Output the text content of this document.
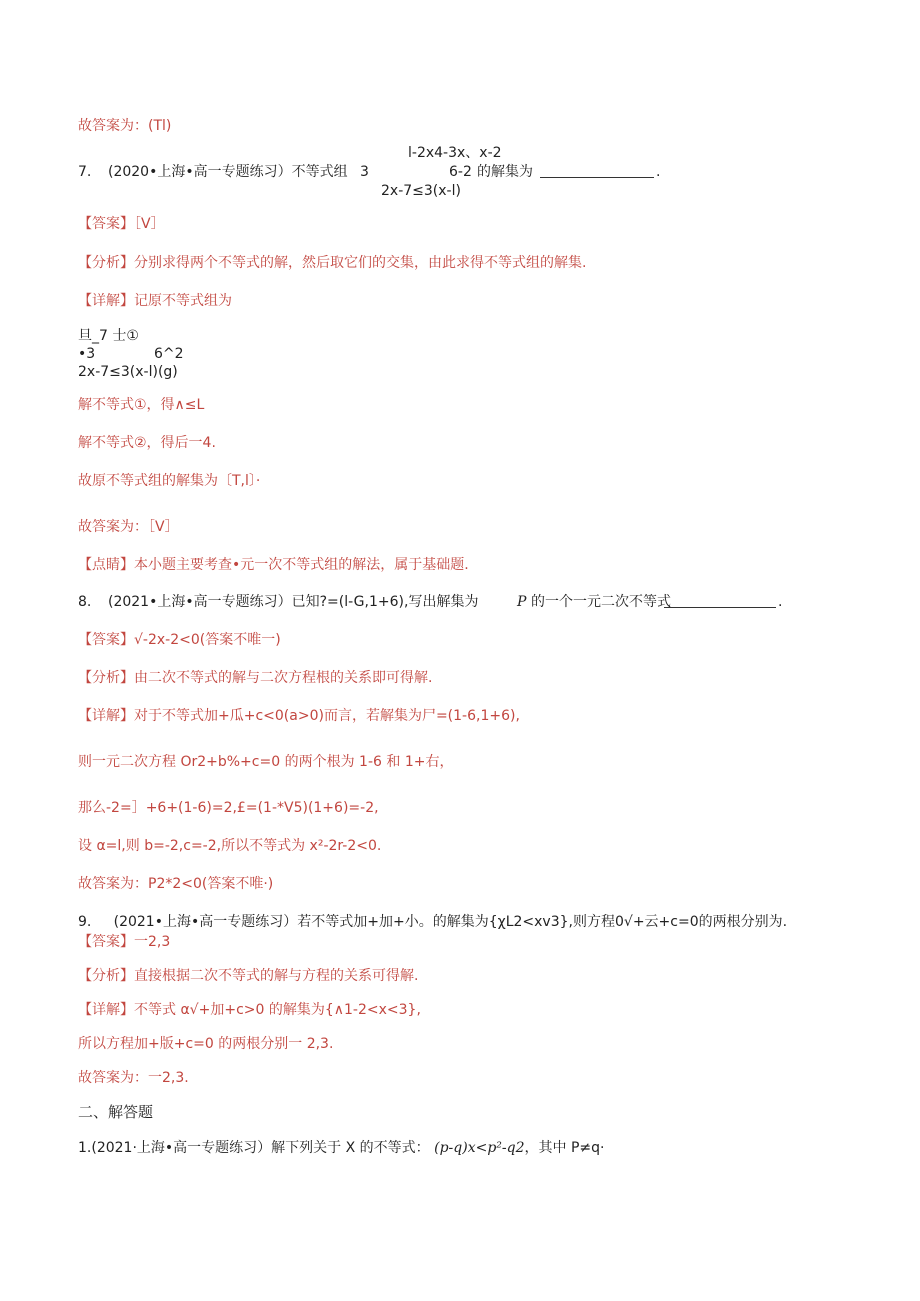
故答案为：(Tl)
l-2x4-3x、x-2
7. (2020•上海•高一专题练习）不等式组 3	6-2 的解集为	.
2x-7≤3(x-l)
【答案】［V］
【分析】分别求得两个不等式的解，然后取它们的交集，由此求得不等式组的解集.
【详解】记原不等式组为
旦_7 士①
•3	6^2
2x-7≤3(x-l)(g)
解不等式①，得∧≤L
解不等式②，得后一4.
故原不等式组的解集为〔T,l〕·
故答案为：［V］
【点睛】本小题主要考查•元一次不等式组的解法，属于基础题.
8. (2021•上海•高一专题练习）已知?=(l-G,1+6),写出解集为	P 的一个一元二次不等式	.
【答案】√-2x-2<0(答案不唯一)
【分析】由二次不等式的解与二次方程根的关系即可得解.
【详解】对于不等式加+瓜+c<0(a>0)而言，若解集为尸=(1-6,1+6),
则一元二次方程 Or2+b%+c=0 的两个根为 1-6 和 1+右，
那么-2=］+6+(1-6)=2,£=(1-*V5)(1+6)=-2,
设 α=l,则 b=-2,c=-2,所以不等式为 x²-2r-2<0.
故答案为：P2*2<0(答案不唯·)
9. (2021•上海•高一专题练习）若不等式加+加+小。的解集为{χL2<xv3},则方程0√+云+c=0的两根分别为.
【答案】一2,3
【分析】直接根据二次不等式的解与方程的关系可得解.
【详解】不等式 α√+加+c>0 的解集为{∧1-2<x<3},
所以方程加+版+c=0 的两根分别一 2,3.
故答案为：一2,3.
二、解答题
1.(2021·上海•高一专题练习）解下列关于 X 的不等式： (p-q)x<p²-q2，其中 P≠q·
